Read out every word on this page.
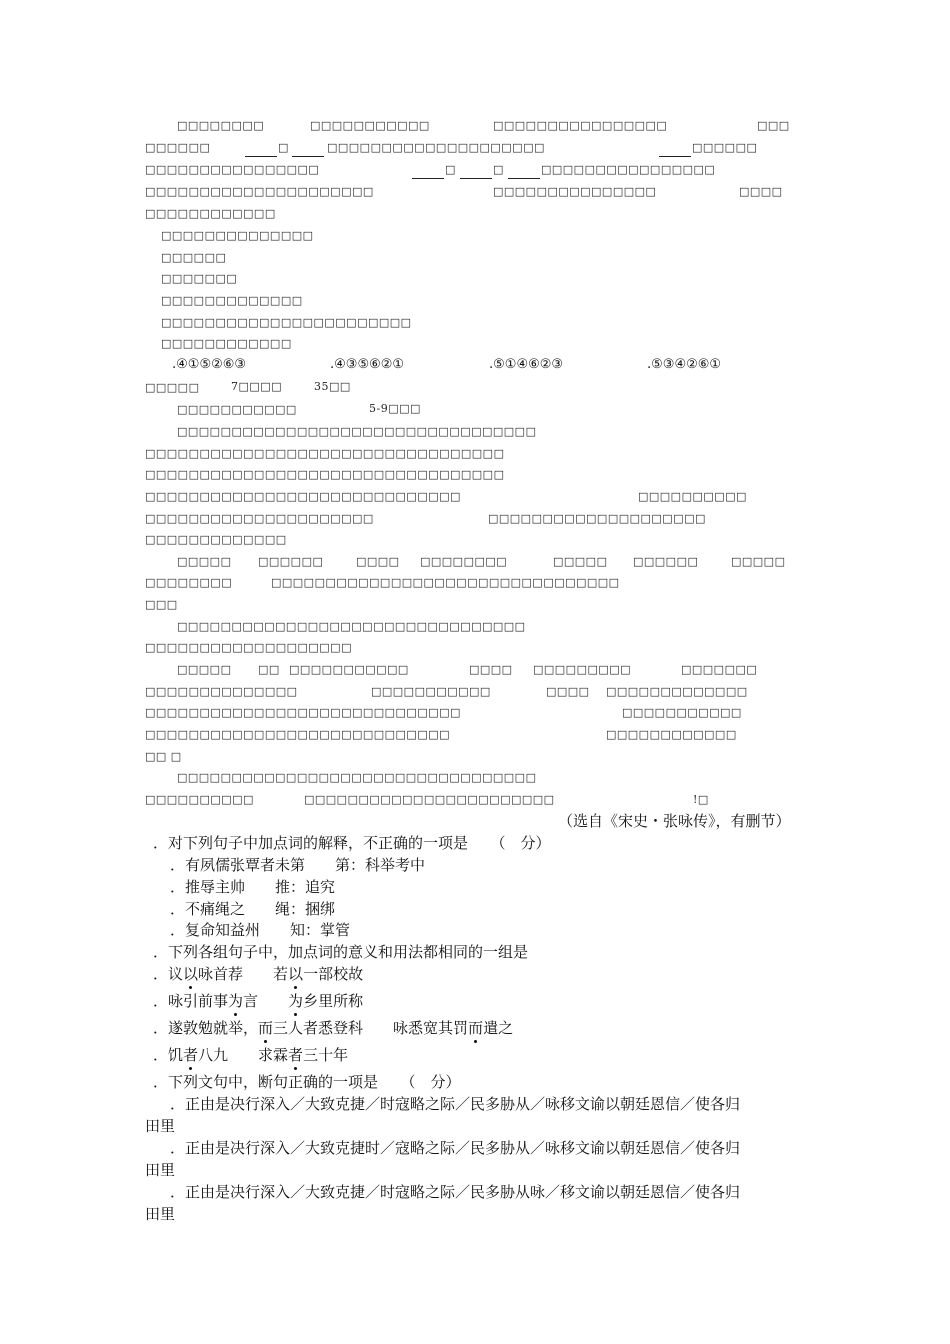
□□□□□□□□	□□□□□□□□□□□	□□□□□□□□□□□□□□□□	□□□
□□□□□□	□	□□□□□□□□□□□□□□□□□□□□	□□□□□□
□□□□□□□□□□□□□□□□	□	□	□□□□□□□□□□□□□□□□
□□□□□□□□□□□□□□□□□□□□□	□□□□□□□□□□□□□□□	□□□□
□□□□□□□□□□□□
□□□□□□□□□□□□□□
□□□□□□
□□□□□□□
□□□□□□□□□□□□□
□□□□□□□□□□□□□□□□□□□□□□□
□□□□□□□□□□□□
.④①⑤②⑥③	.④③⑤⑥②①	.⑤①④⑥②③	.⑤③④②⑥①
□□□□□	7□□□□	35□□
□□□□□□□□□□□	5-9□□□
□□□□□□□□□□□□□□□□□□□□□□□□□□□□□□□□□
□□□□□□□□□□□□□□□□□□□□□□□□□□□□□□□□□
□□□□□□□□□□□□□□□□□□□□□□□□□□□□□□□□□
□□□□□□□□□□□□□□□□□□□□□□□□□□□□□	□□□□□□□□□□
□□□□□□□□□□□□□□□□□□□□□	□□□□□□□□□□□□□□□□□□□□
□□□□□□□□□□□□□
□□□□□ □□□□□□	□□□□ □□□□□□□□	□□□□□ □□□□□□	□□□□□
□□□□□□□□	□□□□□□□□□□□□□□□□□□□□□□□□□□□□□□□□
□□□
□□□□□□□□□□□□□□□□□□□□□□□□□□□□□□□□
□□□□□□□□□□□□□□□□□□□
□□□□□ □□ □□□□□□□□□□□	□□□□ □□□□□□□□□	□□□□□□□
□□□□□□□□□□□□□□	□□□□□□□□□□□	□□□□ □□□□□□□□□□□□□
□□□□□□□□□□□□□□□□□□□□□□□□□□□□□	□□□□□□□□□□□
□□□□□□□□□□□□□□□□□□□□□□□□□□□□	□□□□□□□□□□□□
□□ □
□□□□□□□□□□□□□□□□□□□□□□□□□□□□□□□□□
□□□□□□□□□□	□□□□□□□□□□□□□□□□□□□□□□□	!□
（选自《宋史・张咏传》，有删节）
．对下列句子中加点词的解释，不正确的一项是　　（　分）
．有夙儒张覃者未第　　第：科举考中
．推辱主帅　　推：追究
．不痛绳之　　绳：捆绑
．复命知益州　　知：掌管
．下列各组句子中，加点词的意义和用法都相同的一组是
．议以咏首荐　　若以一部校故
．咏引前事为言　　为乡里所称
．遂敦勉就举，而三人者悉登科　　咏悉宽其罚而遣之
．饥者八九　　求霖者三十年
．下列文句中，断句正确的一项是　　（　分）
．正由是决行深入／大致克捷／时寇略之际／民多胁从／咏移文谕以朝廷恩信／使各归
田里
．正由是决行深入／大致克捷时／寇略之际／民多胁从／咏移文谕以朝廷恩信／使各归
田里
．正由是决行深入／大致克捷／时寇略之际／民多胁从咏／移文谕以朝廷恩信／使各归
田里
